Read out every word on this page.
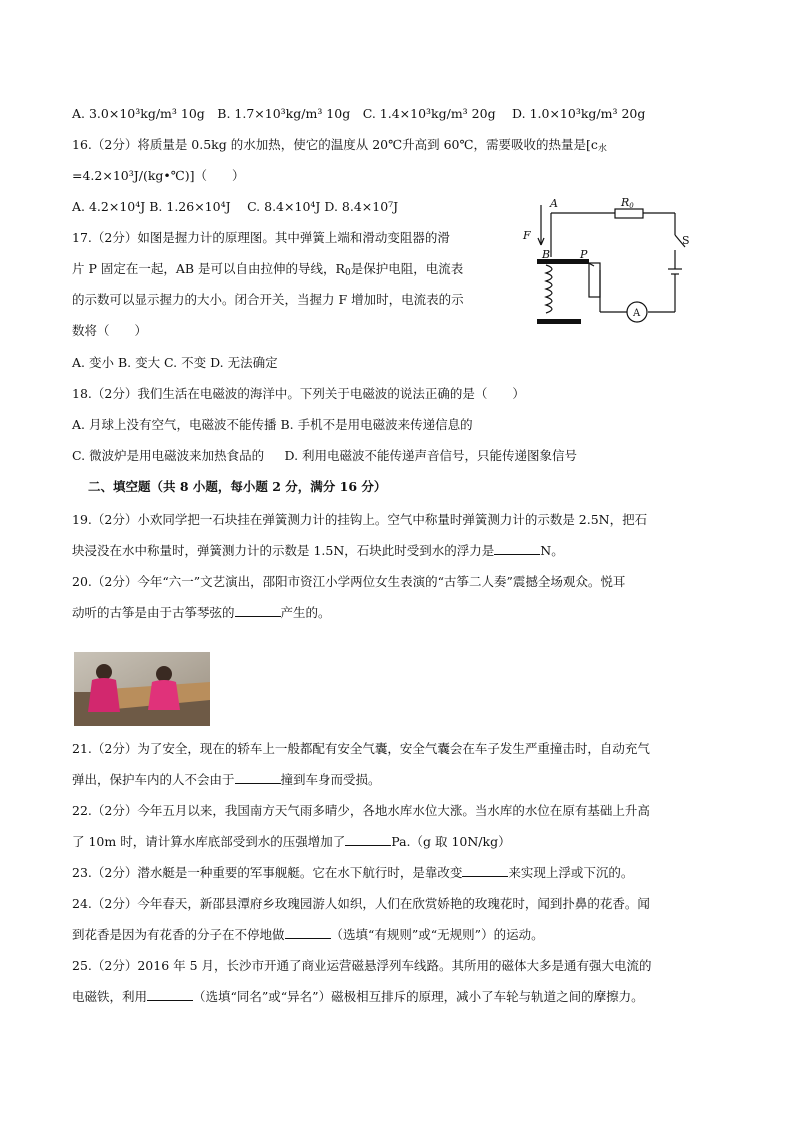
A. 3.0×10³kg/m³ 10g　B. 1.7×10³kg/m³ 10g　C. 1.4×10³kg/m³ 20g　 D. 1.0×10³kg/m³ 20g
16.（2分）将质量是 0.5kg 的水加热，使它的温度从 20℃升高到 60℃，需要吸收的热量是[$c_水$
=4.2×10³J/(kg•℃)]（　　）
A. 4.2×10⁴J B. 1.26×10⁴J 　C. 8.4×10⁴J D. 8.4×10⁷J
17.（2分）如图是握力计的原理图。其中弹簧上端和滑动变阻器的滑
片 P 固定在一起，AB 是可以自由拉伸的导线，$R_0$是保护电阻，电流表
的示数可以显示握力的大小。闭合开关，当握力 F 增加时，电流表的示
数将（　　）
A. 变小 B. 变大 C. 不变 D. 无法确定
F
A
B	P
R0
S
A
18.（2分）我们生活在电磁波的海洋中。下列关于电磁波的说法正确的是（　　）
A. 月球上没有空气，电磁波不能传播 B. 手机不是用电磁波来传递信息的
C. 微波炉是用电磁波来加热食品的 　 D. 利用电磁波不能传递声音信号，只能传递图象信号
二、填空题（共 8 小题，每小题 2 分，满分 16 分）
19.（2分）小欢同学把一石块挂在弹簧测力计的挂钩上。空气中称量时弹簧测力计的示数是 2.5N，把石
块浸没在水中称量时，弹簧测力计的示数是 1.5N，石块此时受到水的浮力是	N。
20.（2分）今年“六一”文艺演出，邵阳市资江小学两位女生表演的“古筝二人奏”震撼全场观众。悦耳
动听的古筝是由于古筝琴弦的	产生的。
21.（2分）为了安全，现在的轿车上一般都配有安全气囊，安全气囊会在车子发生严重撞击时，自动充气
弹出，保护车内的人不会由于	撞到车身而受损。
22.（2分）今年五月以来，我国南方天气雨多晴少，各地水库水位大涨。当水库的水位在原有基础上升高
了 10m 时，请计算水库底部受到水的压强增加了	Pa.（g 取 10N/kg）
23.（2分）潜水艇是一种重要的军事舰艇。它在水下航行时，是靠改变	来实现上浮或下沉的。
24.（2分）今年春天，新邵县潭府乡玫瑰园游人如织，人们在欣赏娇艳的玫瑰花时，闻到扑鼻的花香。闻
到花香是因为有花香的分子在不停地做	（选填“有规则”或“无规则”）的运动。
25.（2分）2016 年 5 月，长沙市开通了商业运营磁悬浮列车线路。其所用的磁体大多是通有强大电流的
电磁铁，利用	（选填“同名”或“异名”）磁极相互排斥的原理，减小了车轮与轨道之间的摩擦力。
